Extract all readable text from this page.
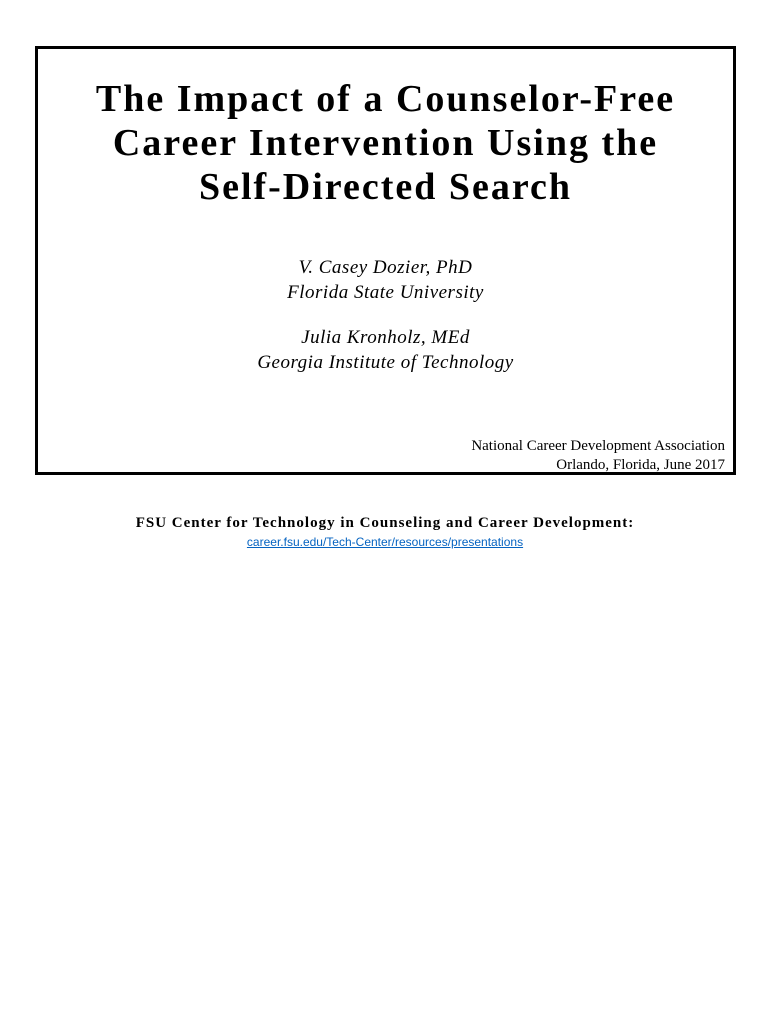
The Impact of a Counselor-Free
Career Intervention Using the
Self-Directed Search
V. Casey Dozier, PhD
Florida State University
Julia Kronholz, MEd
Georgia Institute of Technology
National Career Development Association
Orlando, Florida, June 2017
FSU Center for Technology in Counseling and Career Development:
career.fsu.edu/Tech-Center/resources/presentations
